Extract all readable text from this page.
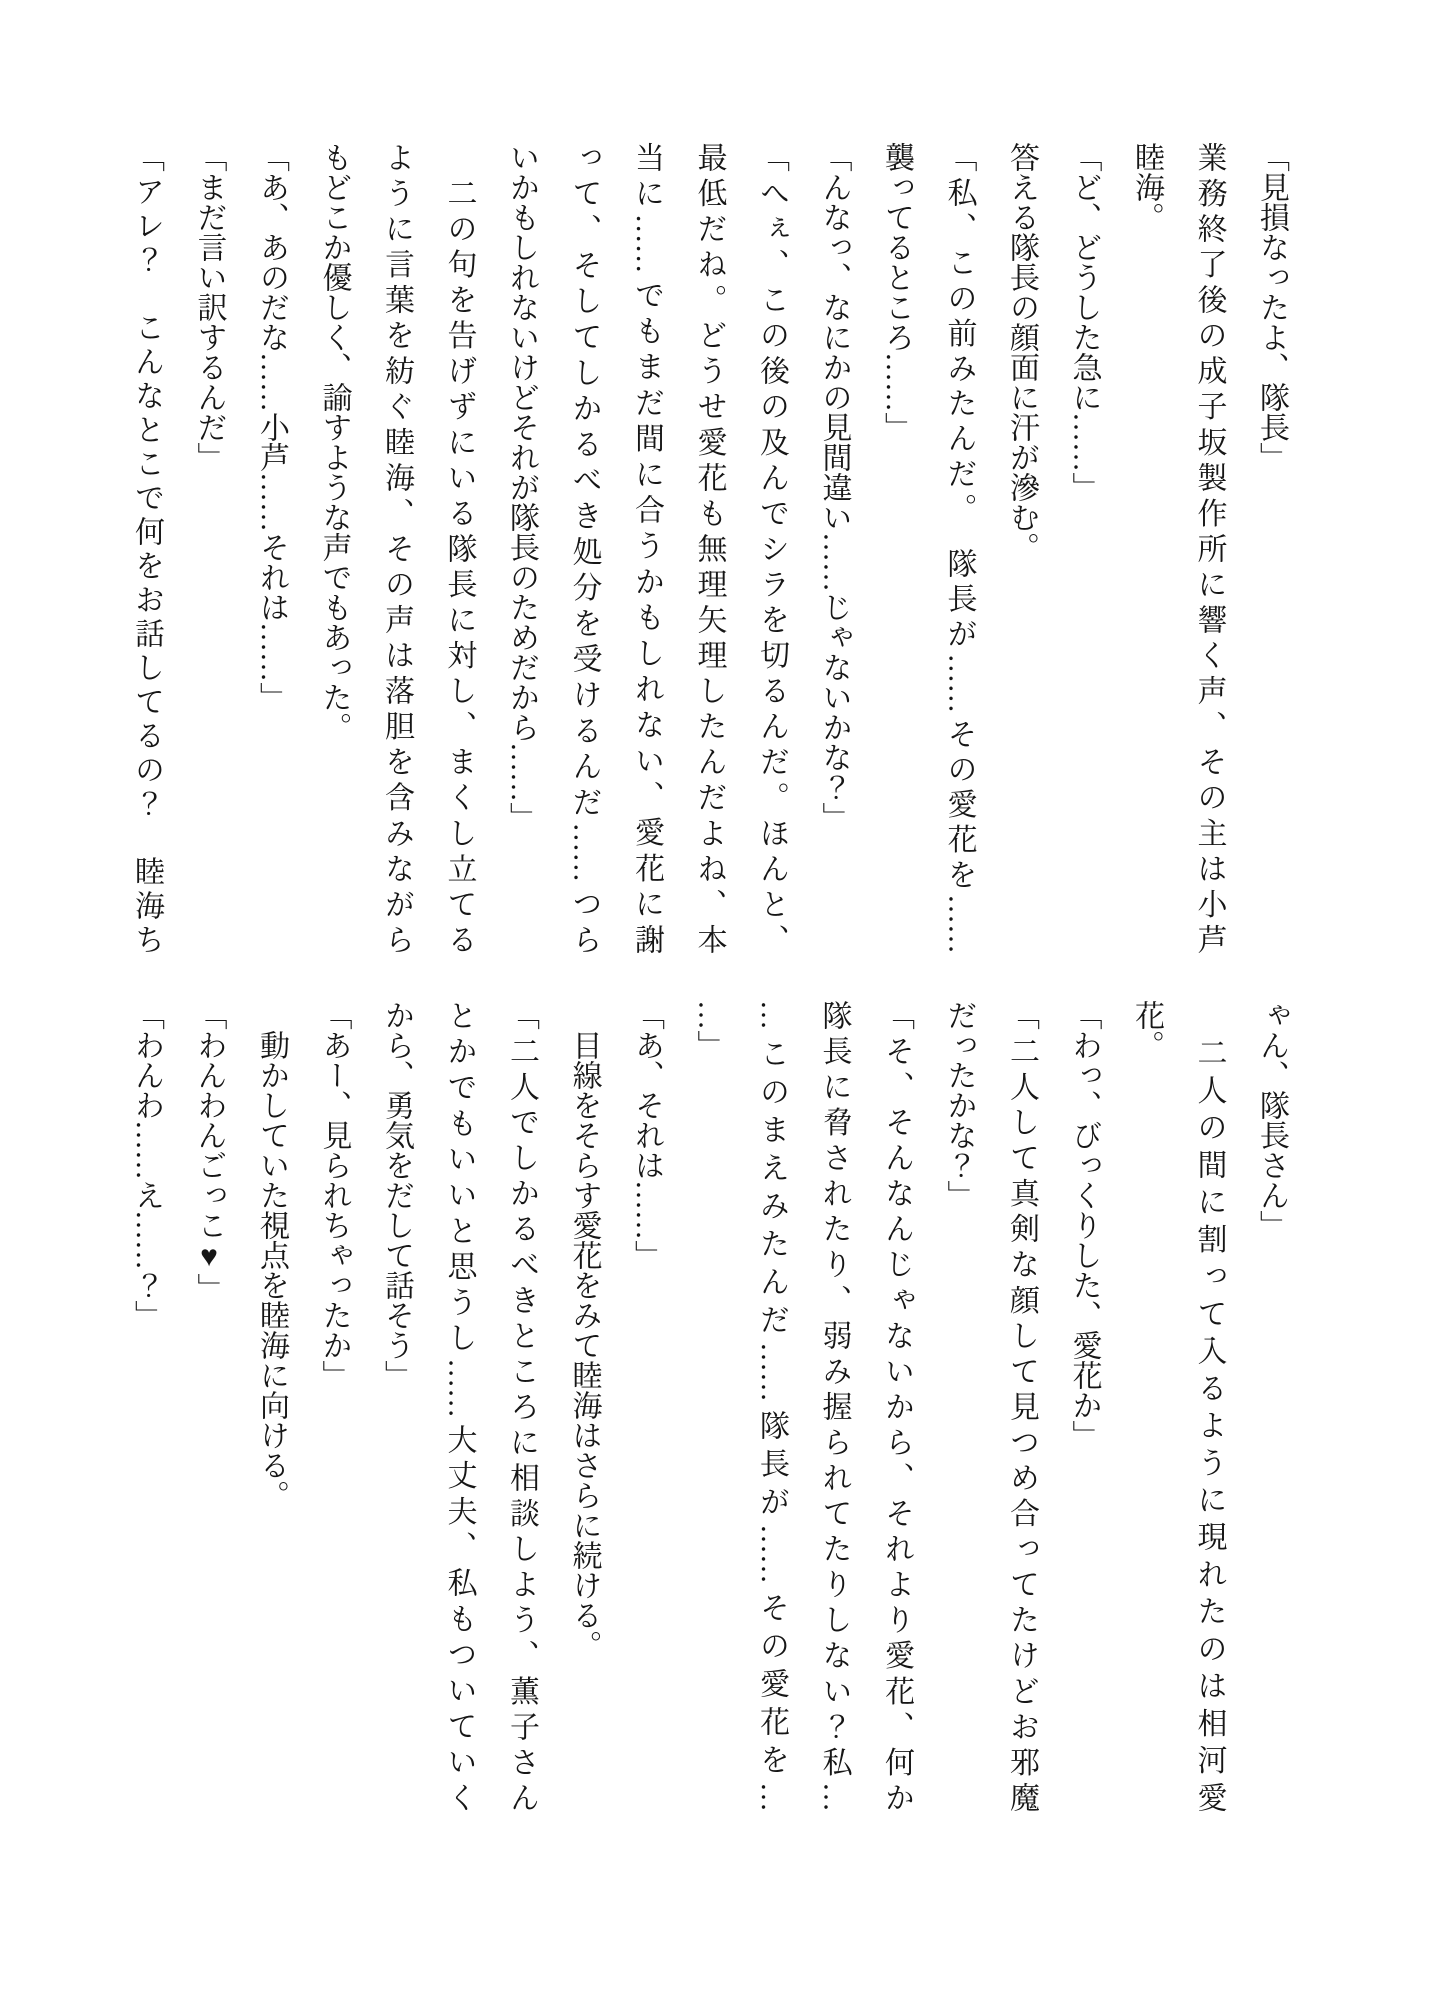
「見損なったよ、隊長」
業務終了後の成子坂製作所に響く声、その主は小芦
睦海。
「ど、どうした急に……」
答える隊長の顔面に汗が滲む。
「私、この前みたんだ。　隊長が……その愛花を……
襲ってるところ……」
「んなっ、なにかの見間違い……じゃないかな？」
「へぇ、この後の及んでシラを切るんだ。ほんと、
最低だね。どうせ愛花も無理矢理したんだよね、本
当に……でもまだ間に合うかもしれない、愛花に謝
って、そしてしかるべき処分を受けるんだ……つら
いかもしれないけどそれが隊長のためだから……」
　二の句を告げずにいる隊長に対し、まくし立てる
ように言葉を紡ぐ睦海、その声は落胆を含みながら
もどこか優しく、諭すような声でもあった。
「あ、あのだな……小芦……それは……」
「まだ言い訳するんだ」
「アレ？　こんなとこで何をお話してるの？　睦海ち
ゃん、隊長さん」
　二人の間に割って入るように現れたのは相河愛
花。
「わっ、びっくりした、愛花か」
「二人して真剣な顔して見つめ合ってたけどお邪魔
だったかな？」
「そ、そんなんじゃないから、それより愛花、何か
隊長に脅されたり、弱み握られてたりしない？私…
…このまえみたんだ……隊長が……その愛花を…
…」
「あ、それは……」
　目線をそらす愛花をみて睦海はさらに続ける。
「二人でしかるべきところに相談しよう、薫子さん
とかでもいいと思うし……大丈夫、私もついていく
から、勇気をだして話そう」
「あー、見られちゃったか」
　動かしていた視点を睦海に向ける。
「わんわんごっこ♥」
「わんわ……え……？」
